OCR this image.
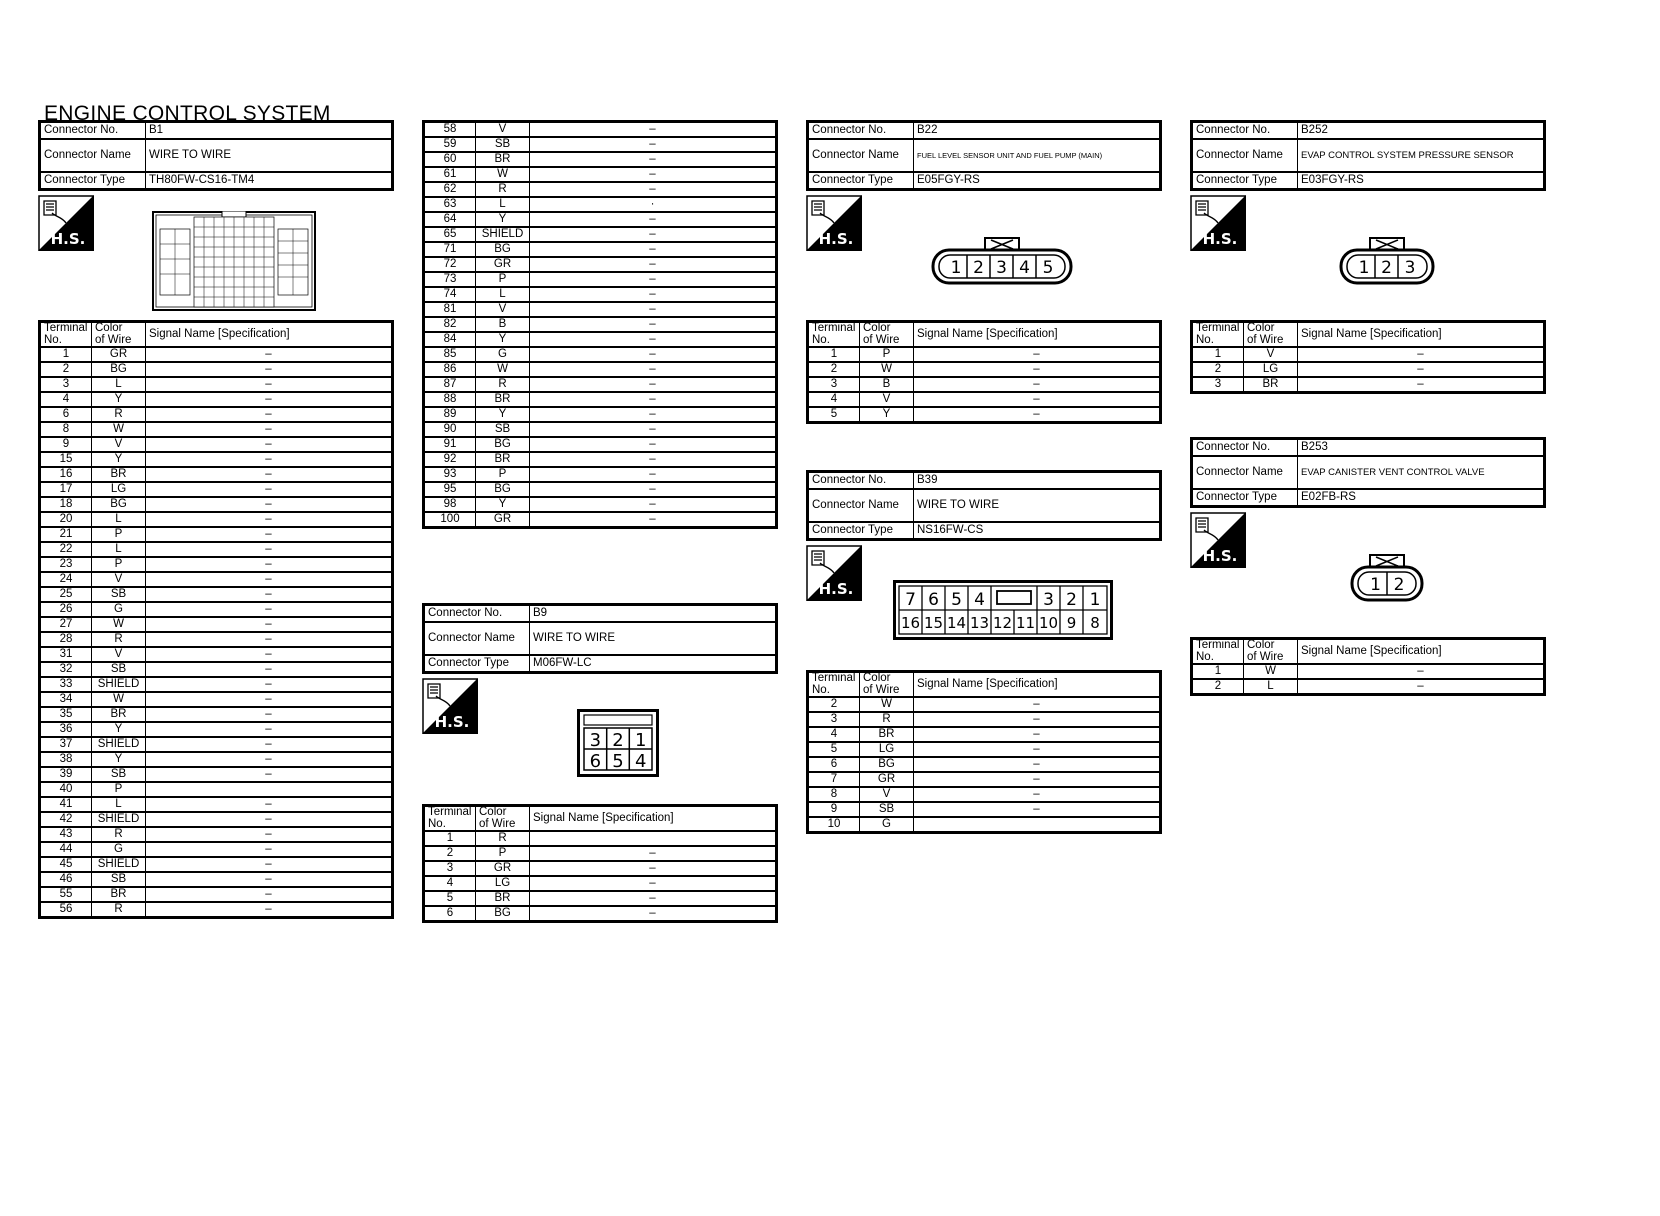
ENGINE CONTROL SYSTEM
Connector No.	B1
Connector Name	WIRE TO WIRE
Connector Type	TH80FW-CS16-TM4
H.S.
Terminal
No.	Color
of Wire	Signal Name [Specification]
1	GR	–
2	BG	–
3	L	–
4	Y	–
6	R	–
8	W	–
9	V	–
15	Y	–
16	BR	–
17	LG	–
18	BG	–
20	L	–
21	P	–
22	L	–
23	P	–
24	V	–
25	SB	–
26	G	–
27	W	–
28	R	–
31	V	–
32	SB	–
33	SHIELD	–
34	W	–
35	BR	–
36	Y	–
37	SHIELD	–
38	Y	–
39	SB	–
40	P	
41	L	–
42	SHIELD	–
43	R	–
44	G	–
45	SHIELD	–
46	SB	–
55	BR	–
56	R	–
58	V	–
59	SB	–
60	BR	–
61	W	–
62	R	–
63	L	·
64	Y	–
65	SHIELD	–
71	BG	–
72	GR	–
73	P	–
74	L	–
81	V	–
82	B	–
84	Y	–
85	G	–
86	W	–
87	R	–
88	BR	–
89	Y	–
90	SB	–
91	BG	–
92	BR	–
93	P	–
95	BG	–
98	Y	–
100	GR	–
Connector No.	B9
Connector Name	WIRE TO WIRE
Connector Type	M06FW-LC
H.S.
3 2 1
6 5 4
Terminal
No.	Color
of Wire	Signal Name [Specification]
1	R	
2	P	–
3	GR	–
4	LG	–
5	BR	–
6	BG	–
Connector No.	B22
Connector Name	FUEL LEVEL SENSOR UNIT AND FUEL PUMP (MAIN)
Connector Type	E05FGY-RS
H.S.
1 2 3 4 5
Terminal
No.	Color
of Wire	Signal Name [Specification]
1	P	–
2	W	–
3	B	–
4	V	–
5	Y	–
Connector No.	B39
Connector Name	WIRE TO WIRE
Connector Type	NS16FW-CS
H.S.
7 6 5 4	3 2 1
16 15 14 13 12 11 10 9 8
Terminal
No.	Color
of Wire	Signal Name [Specification]
2	W	–
3	R	–
4	BR	–
5	LG	–
6	BG	–
7	GR	–
8	V	–
9	SB	–
10	G	
Connector No.	B252
Connector Name	EVAP CONTROL SYSTEM PRESSURE SENSOR
Connector Type	E03FGY-RS
H.S.
1 2 3
Terminal
No.	Color
of Wire	Signal Name [Specification]
1	V	–
2	LG	–
3	BR	–
Connector No.	B253
Connector Name	EVAP CANISTER VENT CONTROL VALVE
Connector Type	E02FB-RS
H.S.
1 2
Terminal
No.	Color
of Wire	Signal Name [Specification]
1	W	–
2	L	–
